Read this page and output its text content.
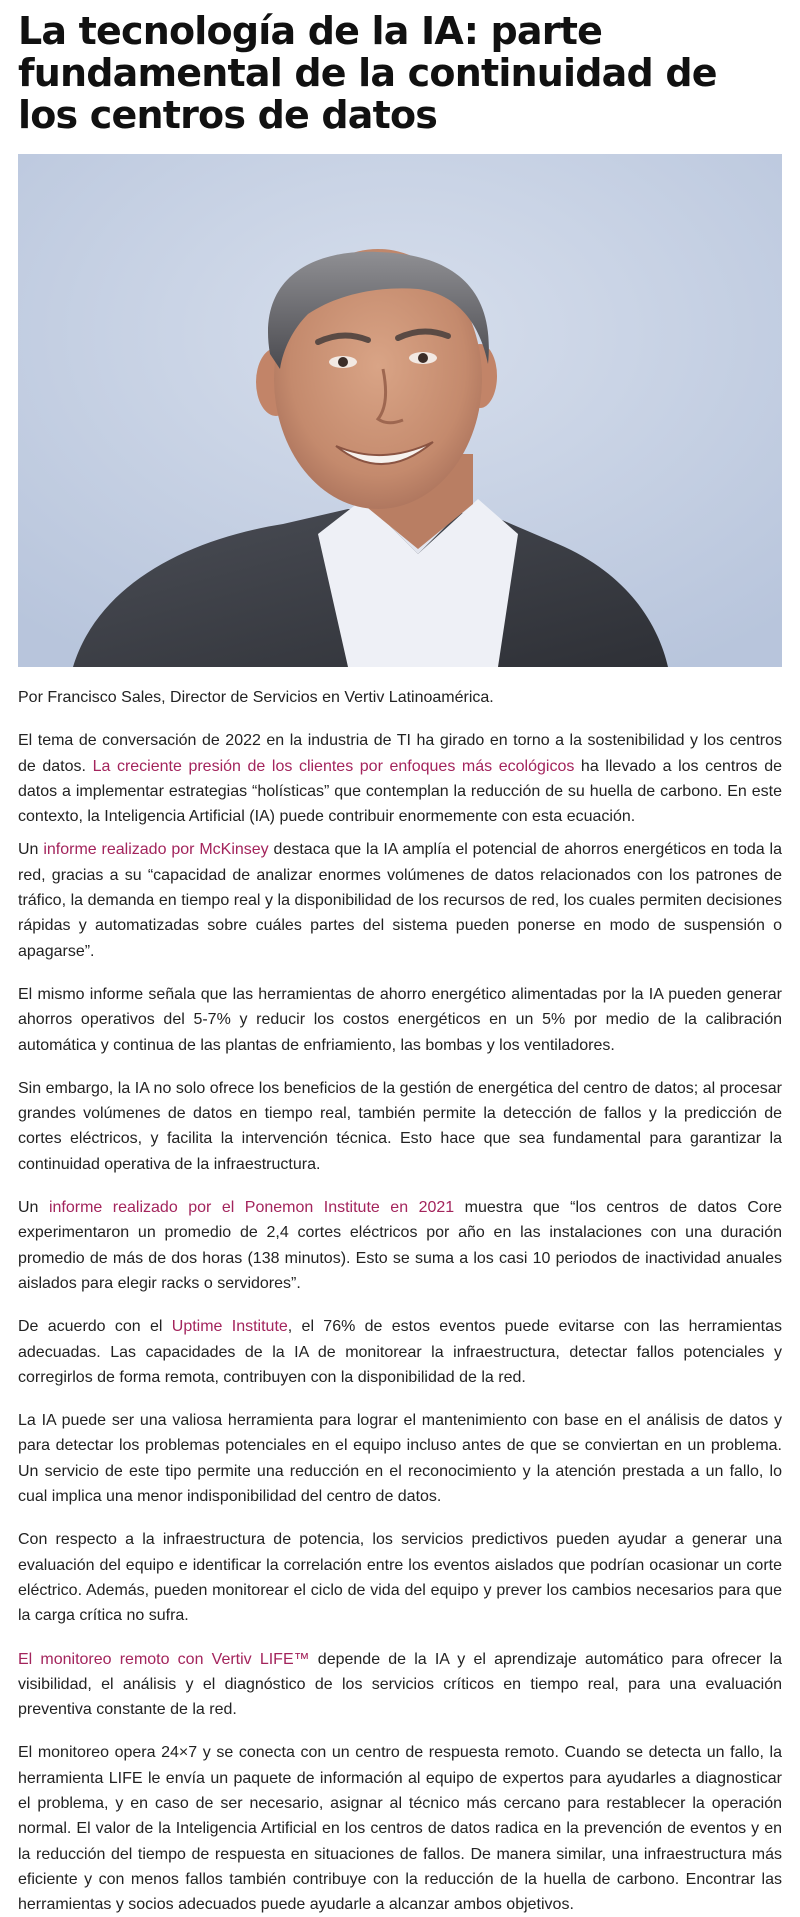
La tecnología de la IA: parte fundamental de la continuidad de los centros de datos

Por Francisco Sales, Director de Servicios en Vertiv Latinoamérica.

El tema de conversación de 2022 en la industria de TI ha girado en torno a la sostenibilidad y los centros de datos. La creciente presión de los clientes por enfoques más ecológicos ha llevado a los centros de datos a implementar estrategias “holísticas” que contemplan la reducción de su huella de carbono. En este contexto, la Inteligencia Artificial (IA) puede contribuir enormemente con esta ecuación.

Un informe realizado por McKinsey destaca que la IA amplía el potencial de ahorros energéticos en toda la red, gracias a su “capacidad de analizar enormes volúmenes de datos relacionados con los patrones de tráfico, la demanda en tiempo real y la disponibilidad de los recursos de red, los cuales permiten decisiones rápidas y automatizadas sobre cuáles partes del sistema pueden ponerse en modo de suspensión o apagarse”.

El mismo informe señala que las herramientas de ahorro energético alimentadas por la IA pueden generar ahorros operativos del 5-7% y reducir los costos energéticos en un 5% por medio de la calibración automática y continua de las plantas de enfriamiento, las bombas y los ventiladores.

Sin embargo, la IA no solo ofrece los beneficios de la gestión de energética del centro de datos; al procesar grandes volúmenes de datos en tiempo real, también permite la detección de fallos y la predicción de cortes eléctricos, y facilita la intervención técnica. Esto hace que sea fundamental para garantizar la continuidad operativa de la infraestructura.

Un informe realizado por el Ponemon Institute en 2021 muestra que “los centros de datos Core experimentaron un promedio de 2,4 cortes eléctricos por año en las instalaciones con una duración promedio de más de dos horas (138 minutos). Esto se suma a los casi 10 periodos de inactividad anuales aislados para elegir racks o servidores”.

De acuerdo con el Uptime Institute, el 76% de estos eventos puede evitarse con las herramientas adecuadas. Las capacidades de la IA de monitorear la infraestructura, detectar fallos potenciales y corregirlos de forma remota, contribuyen con la disponibilidad de la red.

La IA puede ser una valiosa herramienta para lograr el mantenimiento con base en el análisis de datos y para detectar los problemas potenciales en el equipo incluso antes de que se conviertan en un problema. Un servicio de este tipo permite una reducción en el reconocimiento y la atención prestada a un fallo, lo cual implica una menor indisponibilidad del centro de datos.

Con respecto a la infraestructura de potencia, los servicios predictivos pueden ayudar a generar una evaluación del equipo e identificar la correlación entre los eventos aislados que podrían ocasionar un corte eléctrico. Además, pueden monitorear el ciclo de vida del equipo y prever los cambios necesarios para que la carga crítica no sufra.

El monitoreo remoto con Vertiv LIFE™ depende de la IA y el aprendizaje automático para ofrecer la visibilidad, el análisis y el diagnóstico de los servicios críticos en tiempo real, para una evaluación preventiva constante de la red.

El monitoreo opera 24×7 y se conecta con un centro de respuesta remoto. Cuando se detecta un fallo, la herramienta LIFE le envía un paquete de información al equipo de expertos para ayudarles a diagnosticar el problema, y en caso de ser necesario, asignar al técnico más cercano para restablecer la operación normal. El valor de la Inteligencia Artificial en los centros de datos radica en la prevención de eventos y en la reducción del tiempo de respuesta en situaciones de fallos. De manera similar, una infraestructura más eficiente y con menos fallos también contribuye con la reducción de la huella de carbono. Encontrar las herramientas y socios adecuados puede ayudarle a alcanzar ambos objetivos.
